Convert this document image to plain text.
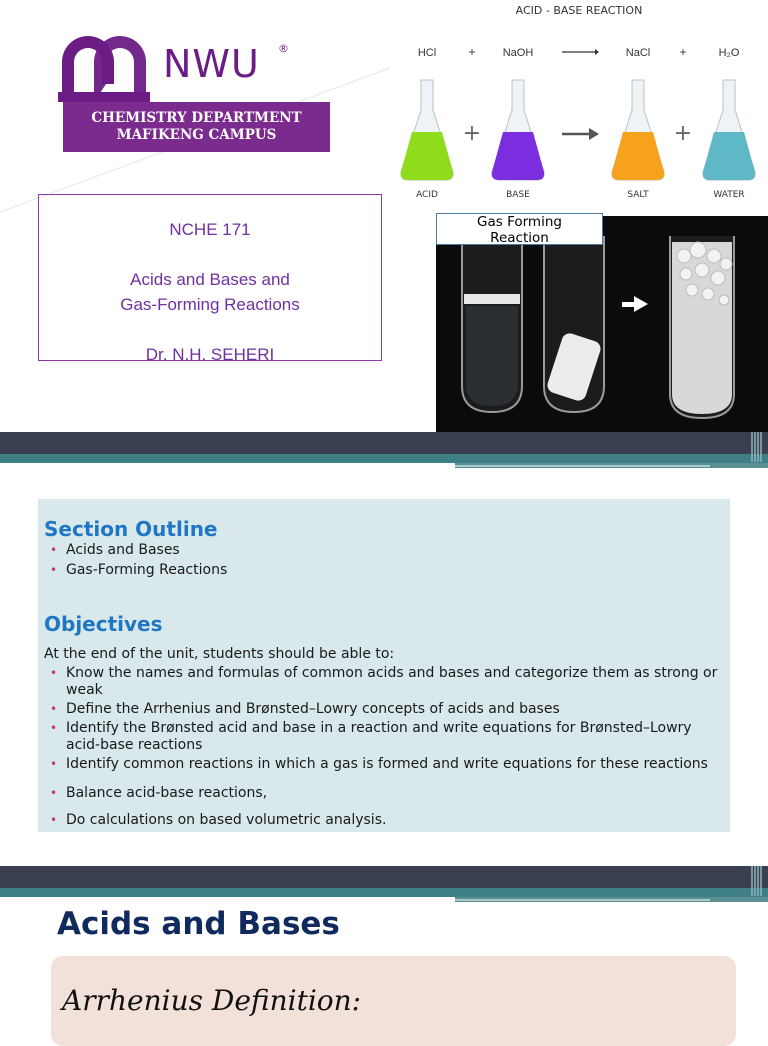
NWU ®
CHEMISTRY DEPARTMENT
MAFIKENG CAMPUS
NCHE 171
Acids and Bases and
Gas-Forming Reactions
Dr. N.H. SEHERI
ACID - BASE REACTION
HCl	+ NaOH	NaCl +	H₂O
+	+
ACID	BASE	SALT	WATER
Gas Forming
Reaction
Section Outline
• Acids and Bases
• Gas-Forming Reactions
Objectives
At the end of the unit, students should be able to:
• Know the names and formulas of common acids and bases and categorize them as strong or
weak
• Define the Arrhenius and Brønsted–Lowry concepts of acids and bases
• Identify the Brønsted acid and base in a reaction and write equations for Brønsted–Lowry
acid-base reactions
• Identify common reactions in which a gas is formed and write equations for these reactions
• Balance acid-base reactions,
• Do calculations on based volumetric analysis.
Acids and Bases
Arrhenius Definition:
